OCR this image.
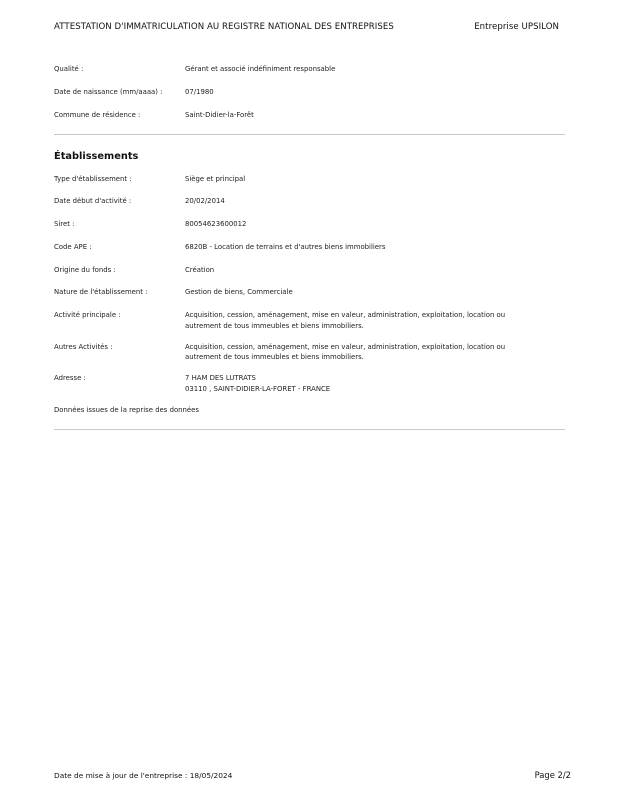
ATTESTATION D'IMMATRICULATION AU REGISTRE NATIONAL DES ENTREPRISES	Entreprise UPSILON
Qualité :	Gérant et associé indéfiniment responsable
Date de naissance (mm/aaaa) :	07/1980
Commune de résidence :	Saint-Didier-la-Forêt
Établissements
Type d'établissement :	Siège et principal
Date début d'activité :	20/02/2014
Siret :	80054623600012
Code APE :	6820B - Location de terrains et d'autres biens immobiliers
Origine du fonds :	Création
Nature de l'établissement :	Gestion de biens, Commerciale
Activité principale :	Acquisition, cession, aménagement, mise en valeur, administration, exploitation, location ou
autrement de tous immeubles et biens immobiliers.
Autres Activités :	Acquisition, cession, aménagement, mise en valeur, administration, exploitation, location ou
autrement de tous immeubles et biens immobiliers.
Adresse :	7 HAM DES LUTRATS
03110 , SAINT-DIDIER-LA-FORET - FRANCE
Données issues de la reprise des données
Date de mise à jour de l'entreprise : 18/05/2024	Page 2/2
